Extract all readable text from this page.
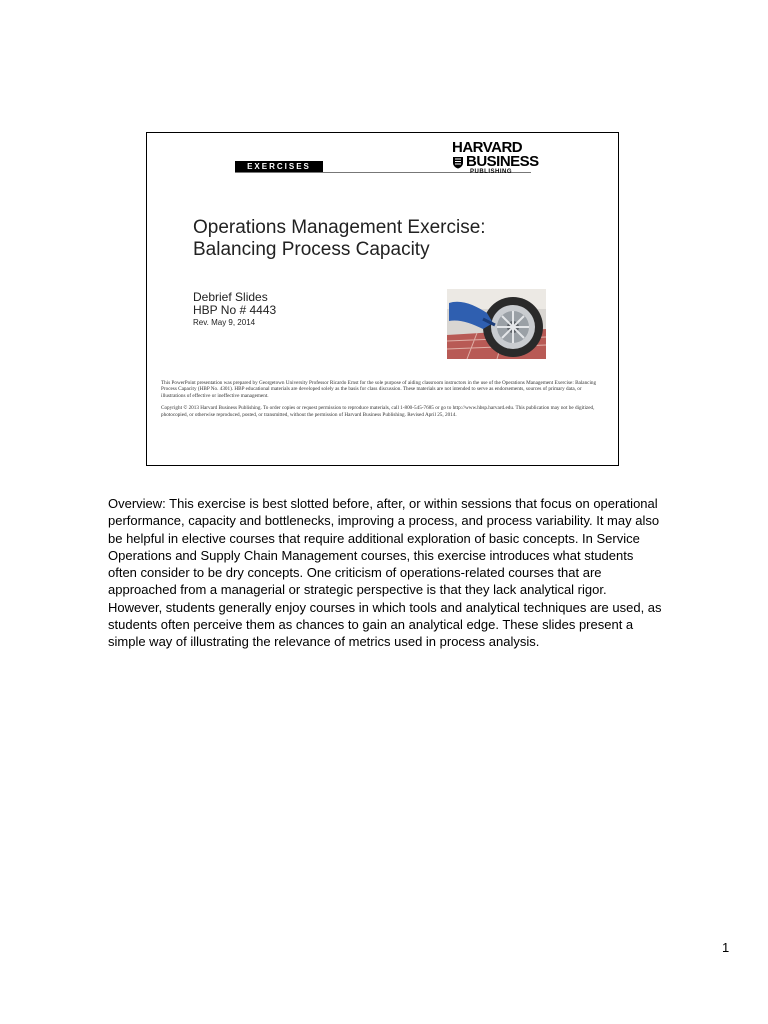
EXERCISES
HARVARD
BUSINESS
PUBLISHING
Operations Management Exercise:
Balancing Process Capacity
Debrief Slides
HBP No # 4443
Rev. May 9, 2014

This PowerPoint presentation was prepared by Georgetown University Professor Ricardo Ernst for the sole purpose of aiding classroom instructors in the use of the Operations Management Exercise: Balancing Process Capacity (HBP No. 4301). HBP educational materials are developed solely as the basis for class discussion. These materials are not intended to serve as endorsements, sources of primary data, or illustrations of effective or ineffective management.

Copyright © 2013 Harvard Business Publishing. To order copies or request permission to reproduce materials, call 1-800-545-7685 or go to http://www.hbsp.harvard.edu. This publication may not be digitized, photocopied, or otherwise reproduced, posted, or transmitted, without the permission of Harvard Business Publishing. Revised April 25, 2014.

Overview: This exercise is best slotted before, after, or within sessions that focus on operational performance, capacity and bottlenecks, improving a process, and process variability. It may also be helpful in elective courses that require additional exploration of basic concepts. In Service Operations and Supply Chain Management courses, this exercise introduces what students often consider to be dry concepts. One criticism of operations-related courses that are approached from a managerial or strategic perspective is that they lack analytical rigor. However, students generally enjoy courses in which tools and analytical techniques are used, as students often perceive them as chances to gain an analytical edge. These slides present a simple way of illustrating the relevance of metrics used in process analysis.
1
